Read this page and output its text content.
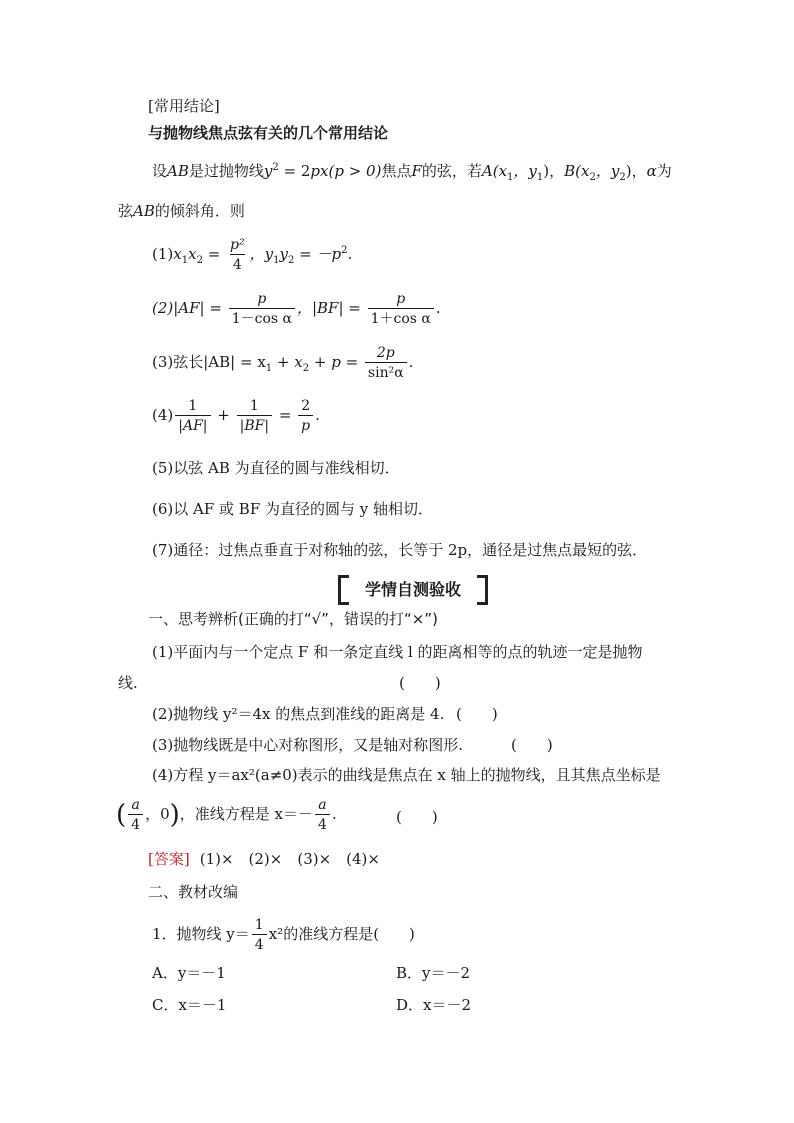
[常用结论]
与抛物线焦点弦有关的几个常用结论
设AB是过抛物线$y^2 = 2px(p > 0)$焦点F的弦，若$A(x_1$，$y_1$)，$B(x_2$，$y_2$)，α为
弦AB的倾斜角．则
$(1)x_1x_2 = \frac{\text{p²}}{4}$ ，$y_1y_2 = -p^2$.
$(2)|AF| = \frac{p}{\text{1－cos α}}$ ，$|BF| = \frac{p}{\text{1＋cos α}}$ .
(3)弦长$|AB| = x_1 + x_2 + p = \frac{2p}{\text{sin²α}}$ .
$(4) \frac{1}{|AF|} + \frac{1}{|BF|} = \frac{2}{p}$ .
(5)以弦 AB 为直径的圆与准线相切．
(6)以 AF 或 BF 为直径的圆与 y 轴相切．
(7)通径：过焦点垂直于对称轴的弦，长等于 2p，通径是过焦点最短的弦．
学情自测验收
一、思考辨析(正确的打“√”，错误的打“×”)
(1)平面内与一个定点 F 和一条定直线 l 的距离相等的点的轨迹一定是抛物
线.	(　　)
(2)抛物线 y²＝4x 的焦点到准线的距离是 4. (　　)
(3)抛物线既是中心对称图形，又是轴对称图形.	(　　)
(4)方程 y＝ax²(a≠0)表示的曲线是焦点在 x 轴上的抛物线，且其焦点坐标是
( $\frac{a}{4}$ ，0)，准线方程是 $x=- \frac{a}{4}$ .	(　　)
[答案] (1)×　(2)×　(3)×　(4)×
二、教材改编
1．抛物线 $y= \frac{1}{4} x^2$的准线方程是(　　)
A．y＝－1	B．y＝－2
C．x＝－1	D．x＝－2
